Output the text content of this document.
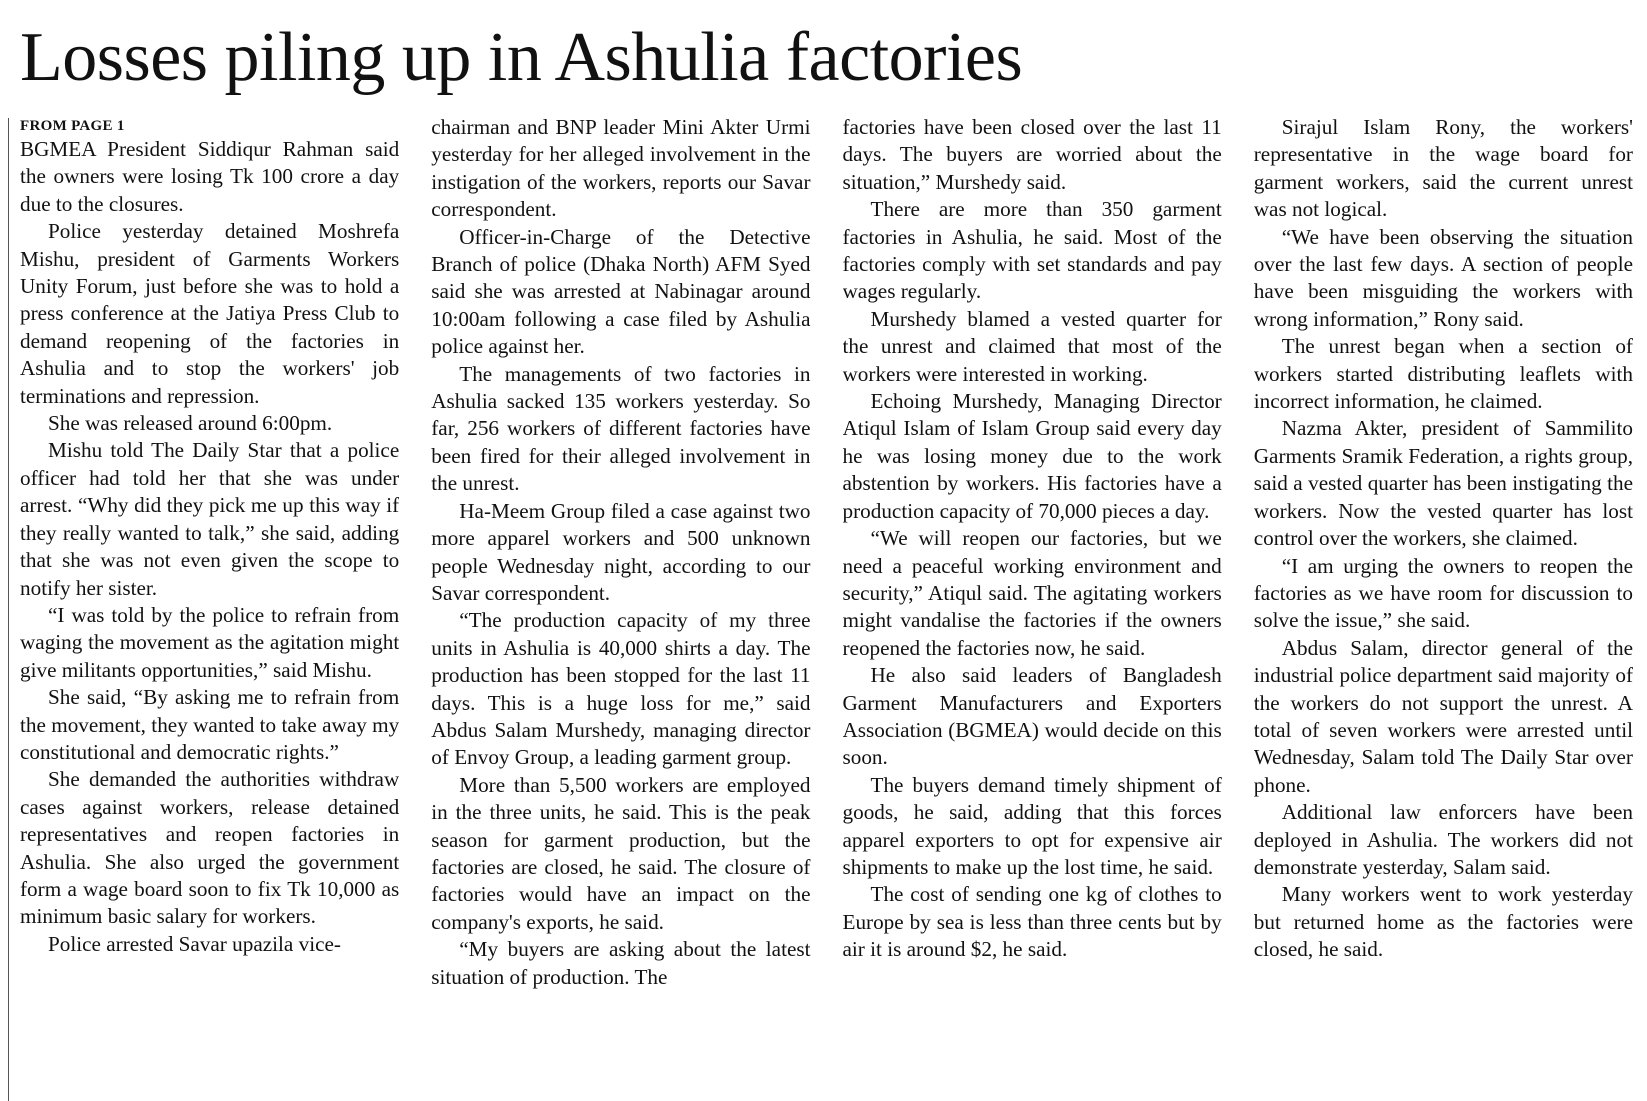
Losses piling up in Ashulia factories
FROM PAGE 1

BGMEA President Siddiqur Rahman said the owners were losing Tk 100 crore a day due to the closures.

Police yesterday detained Moshrefa Mishu, president of Garments Workers Unity Forum, just before she was to hold a press conference at the Jatiya Press Club to demand reopening of the factories in Ashulia and to stop the workers' job terminations and repression.

She was released around 6:00pm.

Mishu told The Daily Star that a police officer had told her that she was under arrest. “Why did they pick me up this way if they really wanted to talk,” she said, adding that she was not even given the scope to notify her sister.

“I was told by the police to refrain from waging the movement as the agitation might give militants opportunities,” said Mishu.

She said, “By asking me to refrain from the movement, they wanted to take away my constitutional and democratic rights.”

She demanded the authorities withdraw cases against workers, release detained representatives and reopen factories in Ashulia. She also urged the government form a wage board soon to fix Tk 10,000 as minimum basic salary for workers.

Police arrested Savar upazila vice-

chairman and BNP leader Mini Akter Urmi yesterday for her alleged involvement in the instigation of the workers, reports our Savar correspondent.

Officer-in-Charge of the Detective Branch of police (Dhaka North) AFM Syed said she was arrested at Nabinagar around 10:00am following a case filed by Ashulia police against her.

The managements of two factories in Ashulia sacked 135 workers yesterday. So far, 256 workers of different factories have been fired for their alleged involvement in the unrest.

Ha-Meem Group filed a case against two more apparel workers and 500 unknown people Wednesday night, according to our Savar correspondent.

“The production capacity of my three units in Ashulia is 40,000 shirts a day. The production has been stopped for the last 11 days. This is a huge loss for me,” said Abdus Salam Murshedy, managing director of Envoy Group, a leading garment group.

More than 5,500 workers are employed in the three units, he said. This is the peak season for garment production, but the factories are closed, he said. The closure of factories would have an impact on the company's exports, he said.

“My buyers are asking about the latest situation of production. The

factories have been closed over the last 11 days. The buyers are worried about the situation,” Murshedy said.

There are more than 350 garment factories in Ashulia, he said. Most of the factories comply with set standards and pay wages regularly.

Murshedy blamed a vested quarter for the unrest and claimed that most of the workers were interested in working.

Echoing Murshedy, Managing Director Atiqul Islam of Islam Group said every day he was losing money due to the work abstention by workers. His factories have a production capacity of 70,000 pieces a day.

“We will reopen our factories, but we need a peaceful working environment and security,” Atiqul said. The agitating workers might vandalise the factories if the owners reopened the factories now, he said.

He also said leaders of Bangladesh Garment Manufacturers and Exporters Association (BGMEA) would decide on this soon.

The buyers demand timely shipment of goods, he said, adding that this forces apparel exporters to opt for expensive air shipments to make up the lost time, he said.

The cost of sending one kg of clothes to Europe by sea is less than three cents but by air it is around $2, he said.

Sirajul Islam Rony, the workers' representative in the wage board for garment workers, said the current unrest was not logical.

“We have been observing the situation over the last few days. A section of people have been misguiding the workers with wrong information,” Rony said.

The unrest began when a section of workers started distributing leaflets with incorrect information, he claimed.

Nazma Akter, president of Sammilito Garments Sramik Federation, a rights group, said a vested quarter has been instigating the workers. Now the vested quarter has lost control over the workers, she claimed.

“I am urging the owners to reopen the factories as we have room for discussion to solve the issue,” she said.

Abdus Salam, director general of the industrial police department said majority of the workers do not support the unrest. A total of seven workers were arrested until Wednesday, Salam told The Daily Star over phone.

Additional law enforcers have been deployed in Ashulia. The workers did not demonstrate yesterday, Salam said.

Many workers went to work yesterday but returned home as the factories were closed, he said.
